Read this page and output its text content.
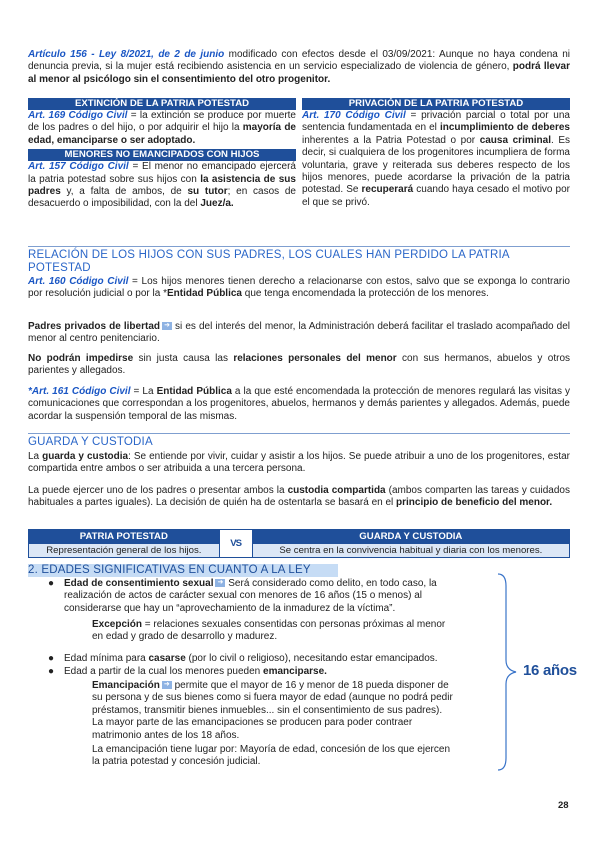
Artículo 156 - Ley 8/2021, de 2 de junio modificado con efectos desde el 03/09/2021: Aunque no haya condena ni denuncia previa, si la mujer está recibiendo asistencia en un servicio especializado de violencia de género, podrá llevar al menor al psicólogo sin el consentimiento del otro progenitor.
EXTINCIÓN DE LA PATRIA POTESTAD

Art. 169 Código Civil = la extinción se produce por muerte de los padres o del hijo, o por adquirir el hijo la mayoría de edad, emanciparse o ser adoptado.

MENORES NO EMANCIPADOS CON HIJOS

Art. 157 Código Civil = El menor no emancipado ejercerá la patria potestad sobre sus hijos con la asistencia de sus padres y, a falta de ambos, de su tutor; en casos de desacuerdo o imposibilidad, con la del Juez/a.

PRIVACIÓN DE LA PATRIA POTESTAD

Art. 170 Código Civil = privación parcial o total por una sentencia fundamentada en el incumplimiento de deberes inherentes a la Patria Potestad o por causa criminal. Es decir, si cualquiera de los progenitores incumpliera de forma voluntaria, grave y reiterada sus deberes respecto de los hijos menores, puede acordarse la privación de la patria potestad. Se recuperará cuando haya cesado el motivo por el que se privó.

RELACIÓN DE LOS HIJOS CON SUS PADRES, LOS CUALES HAN PERDIDO LA PATRIA POTESTAD
Art. 160 Código Civil = Los hijos menores tienen derecho a relacionarse con estos, salvo que se exponga lo contrario por resolución judicial o por la *Entidad Pública que tenga encomendada la protección de los menores.
Padres privados de libertad ➜ si es del interés del menor, la Administración deberá facilitar el traslado acompañado del menor al centro penitenciario.
No podrán impedirse sin justa causa las relaciones personales del menor con sus hermanos, abuelos y otros parientes y allegados.
*Art. 161 Código Civil = La Entidad Pública a la que esté encomendada la protección de menores regulará las visitas y comunicaciones que correspondan a los progenitores, abuelos, hermanos y demás parientes y allegados. Además, puede acordar la suspensión temporal de las mismas.
GUARDA Y CUSTODIA
La guarda y custodia: Se entiende por vivir, cuidar y asistir a los hijos. Se puede atribuir a uno de los progenitores, estar compartida entre ambos o ser atribuida a una tercera persona.
La puede ejercer uno de los padres o presentar ambos la custodia compartida (ambos comparten las tareas y cuidados habituales a partes iguales). La decisión de quién ha de ostentarla se basará en el principio de beneficio del menor.
PATRIA POTESTAD	VS	GUARDA Y CUSTODIA
Representación general de los hijos.		Se centra en la convivencia habitual y diaria con los menores.
2. EDADES SIGNIFICATIVAS EN CUANTO A LA LEY
● Edad de consentimiento sexual ➜ Será considerado como delito, en todo caso, la realización de actos de carácter sexual con menores de 16 años (15 o menos) al considerarse que hay un “aprovechamiento de la inmadurez de la víctima”.
Excepción = relaciones sexuales consentidas con personas próximas al menor en edad y grado de desarrollo y madurez.
● Edad mínima para casarse (por lo civil o religioso), necesitando estar emancipados.
● Edad a partir de la cual los menores pueden emanciparse.
Emancipación ➜ permite que el mayor de 16 y menor de 18 pueda disponer de su persona y de sus bienes como si fuera mayor de edad (aunque no podrá pedir préstamos, transmitir bienes inmuebles... sin el consentimiento de sus padres). La mayor parte de las emancipaciones se producen para poder contraer matrimonio antes de los 18 años.
La emancipación tiene lugar por: Mayoría de edad, concesión de los que ejercen la patria potestad y concesión judicial.
16 años
28
